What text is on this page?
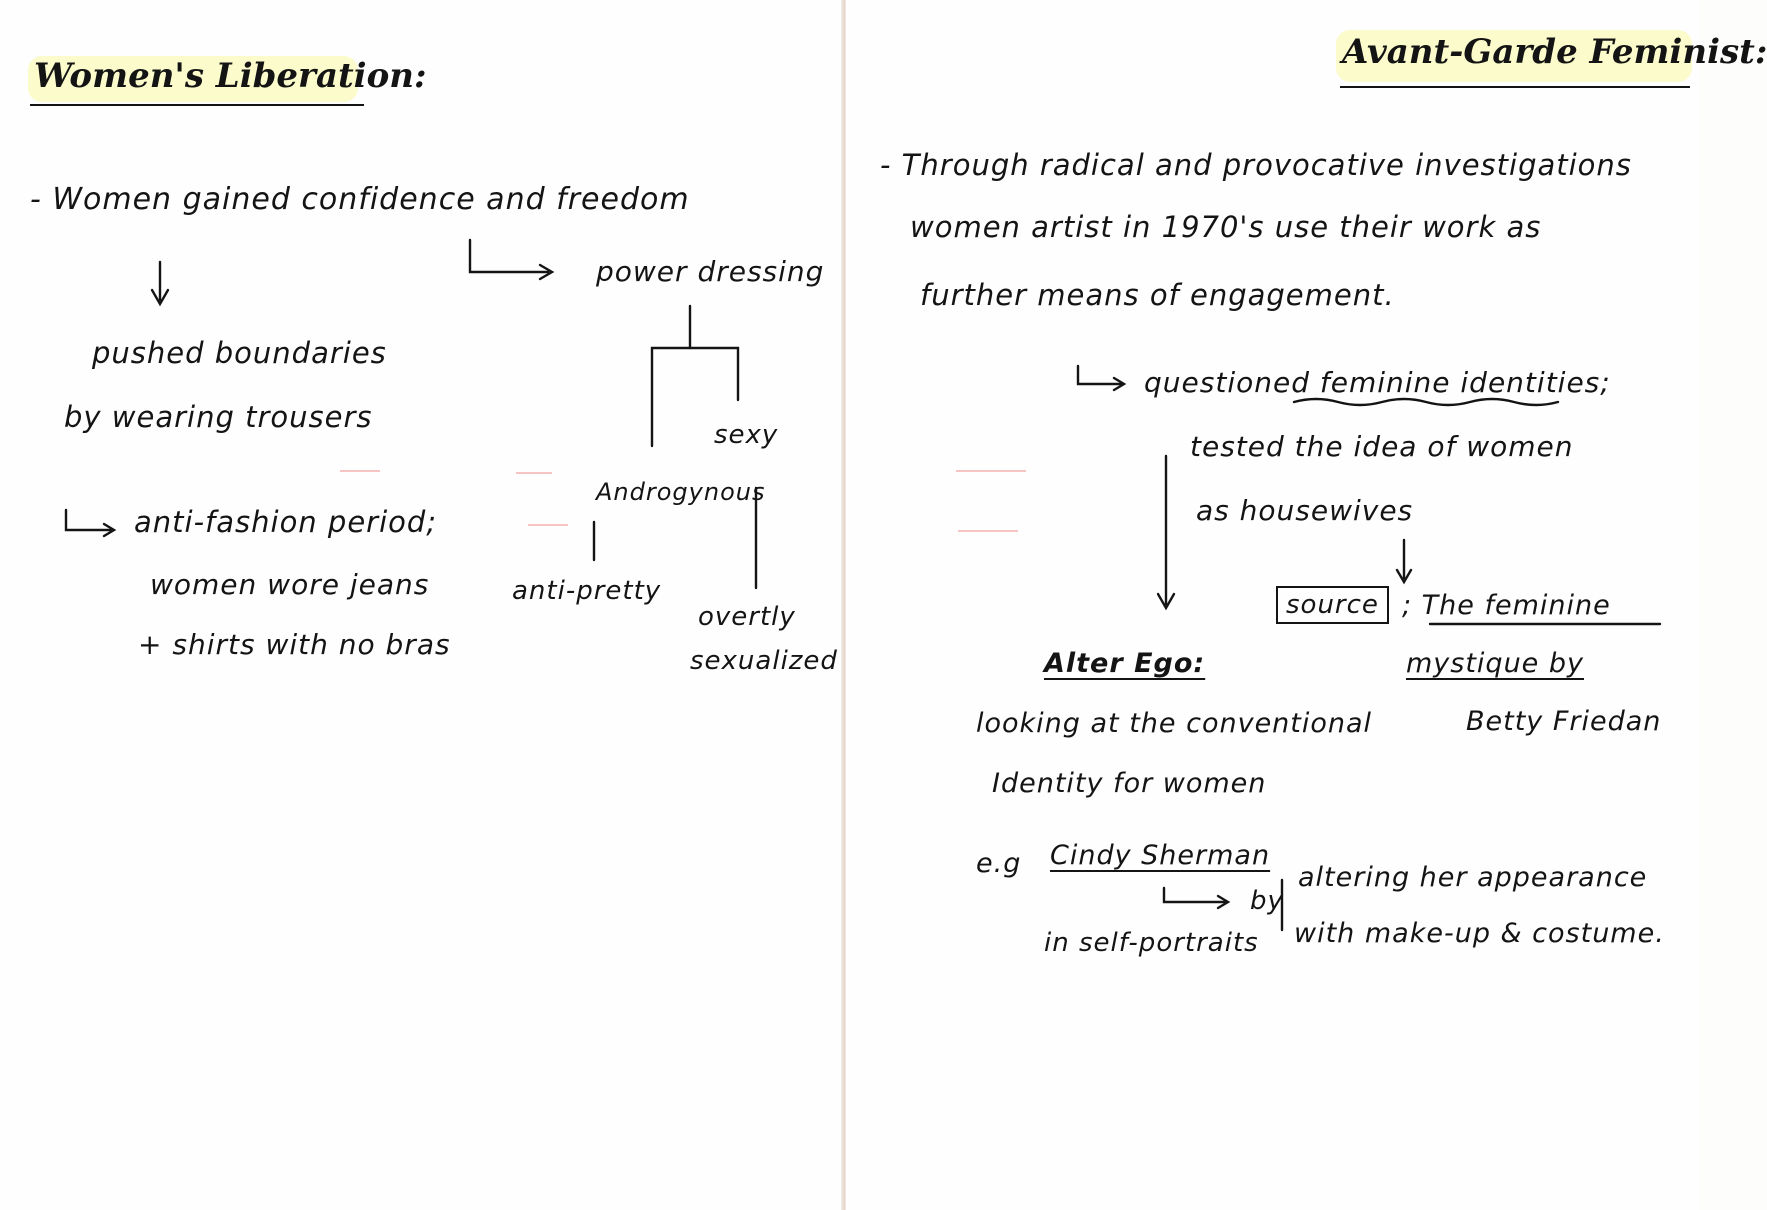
Women's Liberation:
- Women gained confidence and freedom
power dressing
pushed boundaries
by wearing trousers
anti-fashion period;
women wore jeans
+ shirts with no bras
sexy
Androgynous
anti-pretty
overtly
sexualized
Avant-Garde Feminist:
- Through radical and provocative investigations
women artist in 1970's use their work as
further means of engagement.
questioned feminine identities;
tested the idea of women
as housewives
source ; The feminine
mystique by
Betty Friedan
Alter Ego:
looking at the conventional
Identity for women
e.g Cindy Sherman
in self-portraits
by
altering her appearance
with make-up & costume.
